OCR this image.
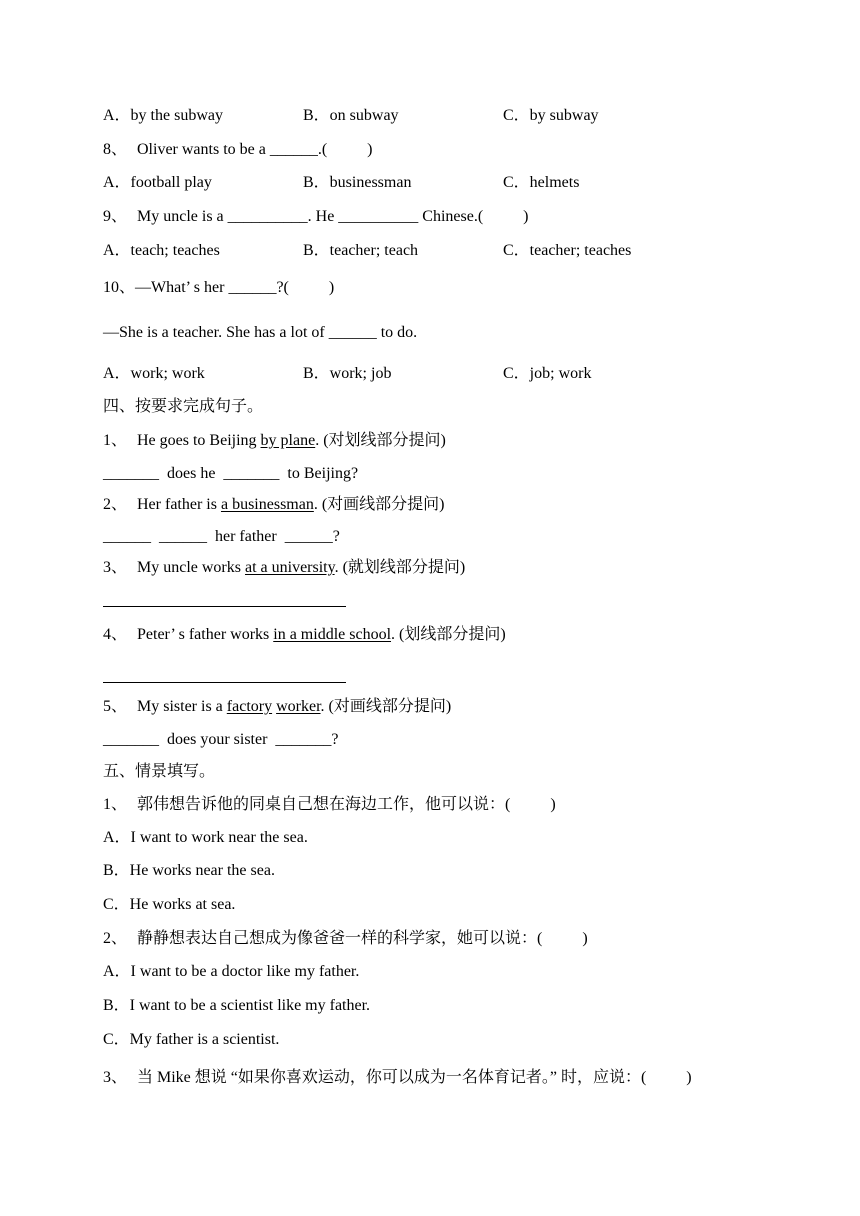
A．by the subway	B．on subway	C．by subway
8、 Oliver wants to be a ______.(          )
A．football play	B．businessman	C．helmets
9、 My uncle is a __________. He __________ Chinese.(          )
A．teach; teaches	B．teacher; teach	C．teacher; teaches
10、—What’ s her ______?(          )
—She is a teacher. She has a lot of ______ to do.
A．work; work	B．work; job	C．job; work
四、按要求完成句子。
1、 He goes to Beijing by plane. (对划线部分提问)
_______  does he  _______  to Beijing?
2、 Her father is a businessman. (对画线部分提问)
______  ______  her father  ______?
3、 My uncle works at a university. (就划线部分提问)
4、 Peter’ s father works in a middle school. (划线部分提问)
5、 My sister is a factory worker. (对画线部分提问)
_______  does your sister  _______?
五、情景填写。
1、 郭伟想告诉他的同桌自己想在海边工作，他可以说：(          )
A．I want to work near the sea.
B．He works near the sea.
C．He works at sea.
2、 静静想表达自己想成为像爸爸一样的科学家，她可以说：(          )
A．I want to be a doctor like my father.
B．I want to be a scientist like my father.
C．My father is a scientist.
3、 当 Mike 想说 “如果你喜欢运动，你可以成为一名体育记者。” 时，应说：(          )
